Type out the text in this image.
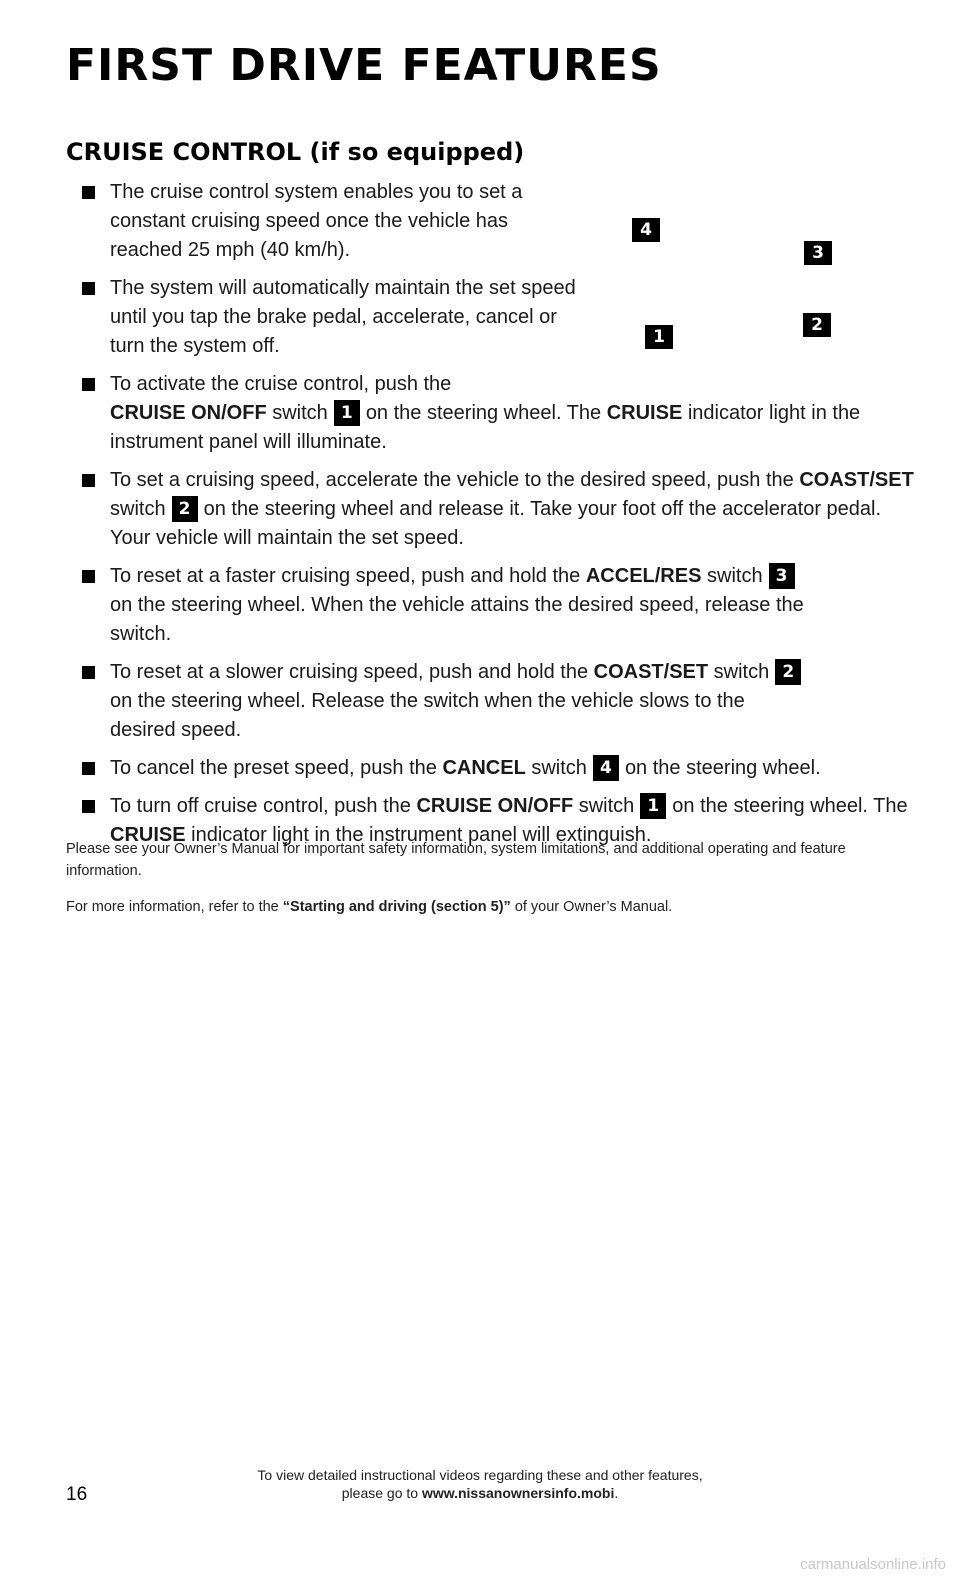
FIRST DRIVE FEATURES
CRUISE CONTROL (if so equipped)
4
3
1
2
The cruise control system enables you to set a constant cruising speed once the vehicle has reached 25 mph (40 km/h).
The system will automatically maintain the set speed until you tap the brake pedal, accelerate, cancel or turn the system off.
To activate the cruise control, push the
CRUISE ON/OFF switch 1 on the steering wheel. The CRUISE indicator light in the instrument panel will illuminate.
To set a cruising speed, accelerate the vehicle to the desired speed, push the COAST/SET switch 2 on the steering wheel and release it. Take your foot off the accelerator pedal. Your vehicle will maintain the set speed.
To reset at a faster cruising speed, push and hold the ACCEL/RES switch 3on the steering wheel. When the vehicle attains the desired speed, release the switch.
To reset at a slower cruising speed, push and hold the COAST/SET switch 2on the steering wheel. Release the switch when the vehicle slows to the desired speed.
To cancel the preset speed, push the CANCEL switch 4 on the steering wheel.
To turn off cruise control, push the CRUISE ON/OFF switch 1 on the steering wheel. The CRUISE indicator light in the instrument panel will extinguish.

Please see your Owner’s Manual for important safety information, system limitations, and additional operating and feature information.

For more information, refer to the “Starting and driving (section 5)” of your Owner’s Manual.

To view detailed instructional videos regarding these and other features,
please go to www.nissanownersinfo.mobi.
16
carmanualsonline.info
